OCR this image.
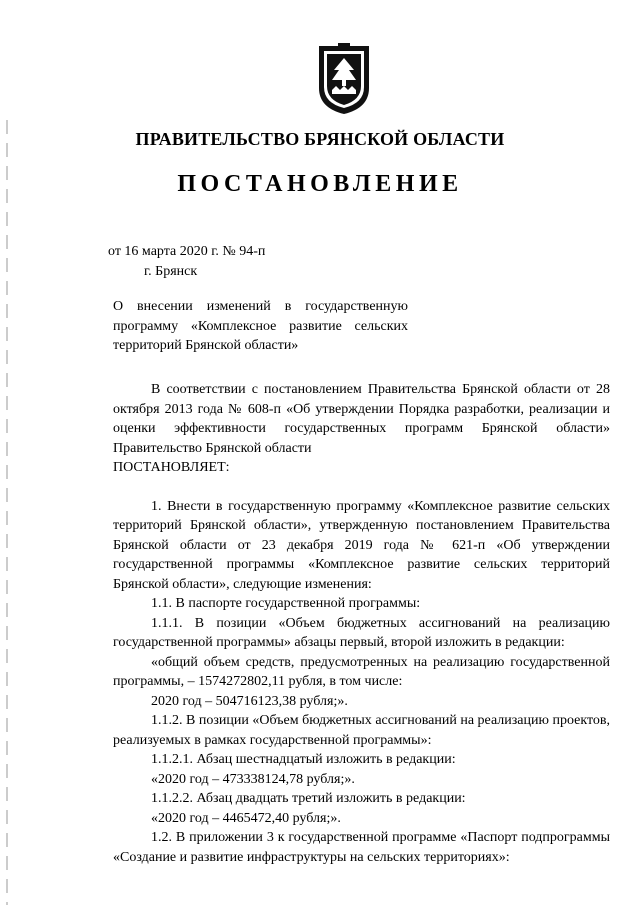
ПРАВИТЕЛЬСТВО БРЯНСКОЙ ОБЛАСТИ
ПОСТАНОВЛЕНИЕ
от 16 марта 2020 г. № 94-п
г. Брянск
О внесении изменений в государственную программу «Комплексное развитие сельских территорий Брянской области»

В соответствии с постановлением Правительства Брянской области от 28 октября 2013 года № 608-п «Об утверждении Порядка разработки, реализации и оценки эффективности государственных программ Брянской области» Правительство Брянской области

ПОСТАНОВЛЯЕТ:

1. Внести в государственную программу «Комплексное развитие сельских территорий Брянской области», утвержденную постановлением Правительства Брянской области от 23 декабря 2019 года № 621-п «Об утверждении государственной программы «Комплексное развитие сельских территорий Брянской области», следующие изменения:

1.1. В паспорте государственной программы:

1.1.1. В позиции «Объем бюджетных ассигнований на реализацию государственной программы» абзацы первый, второй изложить в редакции:

«общий объем средств, предусмотренных на реализацию государственной программы, – 1574272802,11 рубля, в том числе:

2020 год – 504716123,38 рубля;».

1.1.2. В позиции «Объем бюджетных ассигнований на реализацию проектов, реализуемых в рамках государственной программы»:

1.1.2.1. Абзац шестнадцатый изложить в редакции:

«2020 год – 473338124,78 рубля;».

1.1.2.2. Абзац двадцать третий изложить в редакции:

«2020 год – 4465472,40 рубля;».

1.2. В приложении 3 к государственной программе «Паспорт подпрограммы «Создание и развитие инфраструктуры на сельских территориях»:
